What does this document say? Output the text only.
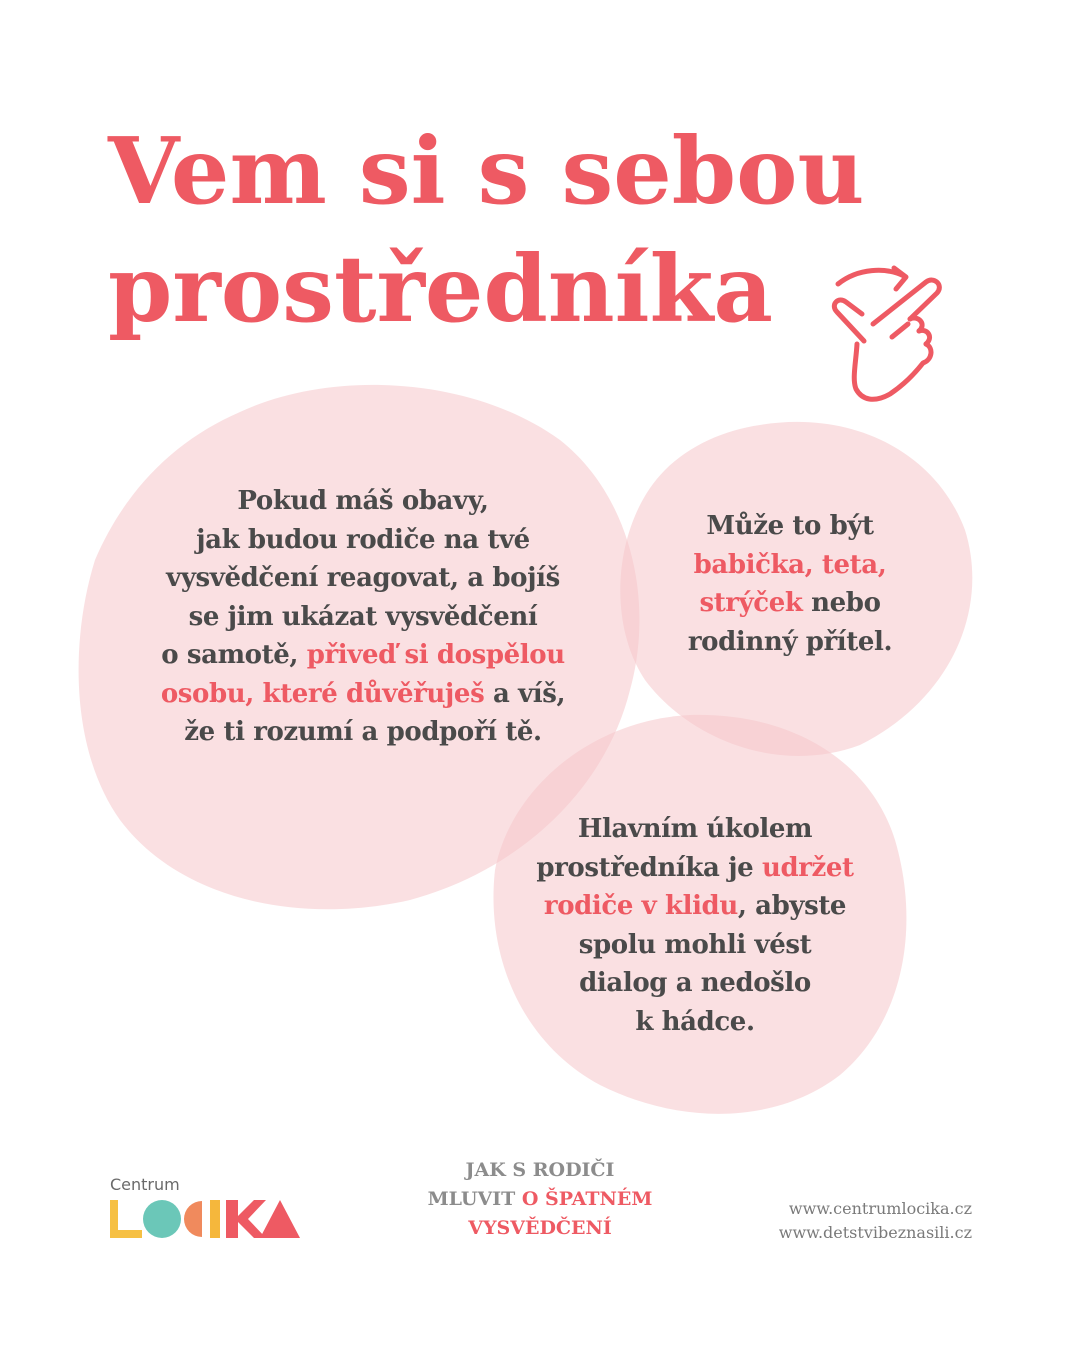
Vem si s sebou
prostředníka

Pokud máš obavy,
jak budou rodiče na tvé
vysvědčení reagovat, a bojíš
se jim ukázat vysvědčení
o samotě, přiveď si dospělou
osobu, které důvěřuješ a víš,
že ti rozumí a podpoří tě.

Může to být
babička, teta,
strýček nebo
rodinný přítel.

Hlavním úkolem
prostředníka je udržet
rodiče v klidu, abyste
spolu mohli vést
dialog a nedošlo
k hádce.

Centrum

JAK S RODIČI
MLUVIT O ŠPATNÉM
VYSVĚDČENÍ

www.centrumlocika.cz
www.detstvibeznasili.cz
